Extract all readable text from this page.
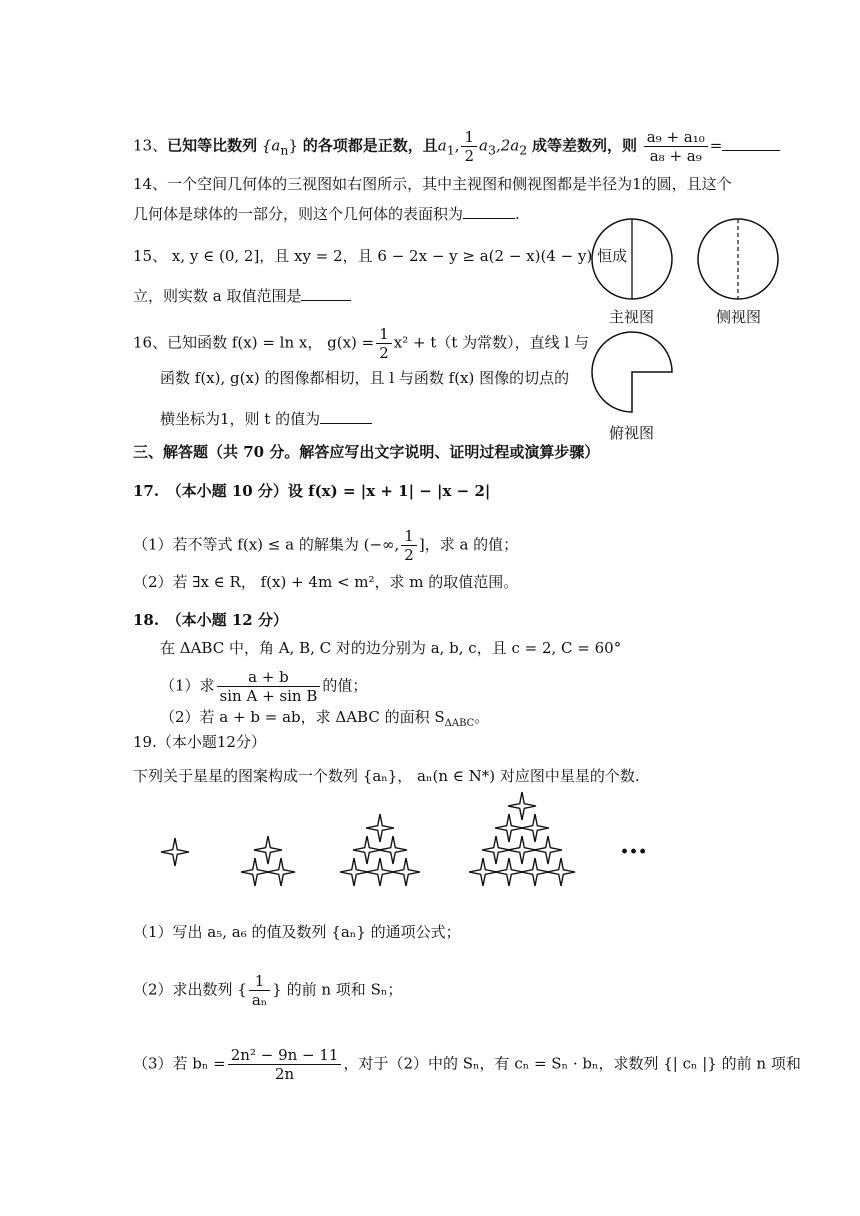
13、已知等比数列 $\{a_n\}$ 的各项都是正数，且$a_1$, $\frac{1}{2} a_3,2a_2$ 成等差数列，则 $\frac{\text{a₉ + a₁₀}}{\text{a₈ + a₉}}$ =
14、一个空间几何体的三视图如右图所示，其中主视图和侧视图都是半径为1的圆，且这个
几何体是球体的一部分，则这个几何体的表面积为	.
15、 x, y ∈ (0, 2]，且 xy = 2，且 6 − 2x − y ≥ a(2 − x)(4 − y) 恒成
立，则实数 a 取值范围是
16、已知函数 f(x) = ln x， $g(x) = \frac{1}{2} x^2 + t(t$ 为常数），直线 l 与
函数 f(x), g(x) 的图像都相切，且 l 与函数 f(x) 图像的切点的
横坐标为1，则 t 的值为
主视图	侧视图
俯视图
三、解答题（共 70 分。解答应写出文字说明、证明过程或演算步骤）
17.　（本小题 10 分）设 f(x) = |x + 1| − |x − 2|
（1）若不等式 f(x) ≤ a 的解集为 (−∞, $\frac{1}{2}$ ]，求 a 的值；
（2）若 ∃x ∈ R， f(x) + 4m < m²，求 m 的取值范围。
18.　（本小题 12 分）
在 ΔABC 中，角 A, B, C 对的边分别为 a, b, c，且 c = 2, C = 60°
（1）求 $\frac{a + b}{\text{sin A + sin B}}$ 的值；
（2）若 a + b = ab，求 ΔABC 的面积 $S_{\Delta ABC}$。
19.（本小题12分）
下列关于星星的图案构成一个数列 {aₙ}， aₙ(n ∈ N*) 对应图中星星的个数.
···
（1）写出 a₅, a₆ 的值及数列 {aₙ} 的通项公式；
（2）求出数列 { $\frac{1}{\text{aₙ}}$ } 的前 n 项和 Sₙ；
（3）若 $b_n = \frac{\text{2n² − 9n − 11}}{2n}$ ，对于（2）中的 Sₙ，有 cₙ = Sₙ · bₙ，求数列 {| cₙ |} 的前 n 项和
